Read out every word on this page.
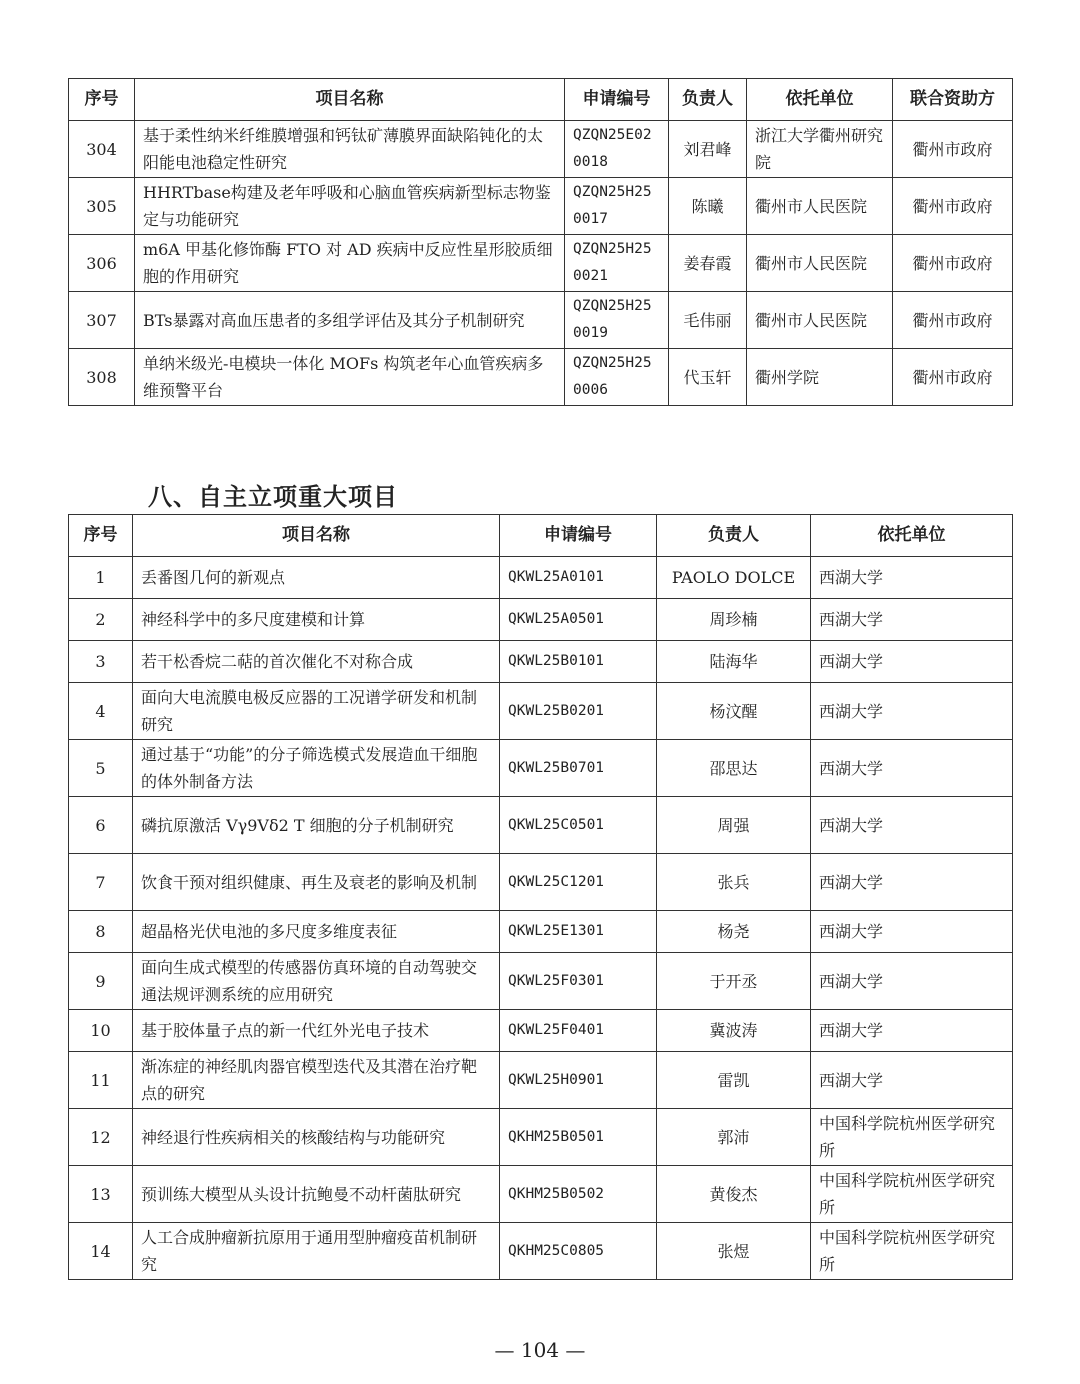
序号	项目名称	申请编号	负责人	依托单位	联合资助方
304	基于柔性纳米纤维膜增强和钙钛矿薄膜界面缺陷钝化的太阳能电池稳定性研究	QZQN25E020018	刘君峰	浙江大学衢州研究院	衢州市政府
305	HHRTbase构建及老年呼吸和心脑血管疾病新型标志物鉴定与功能研究	QZQN25H250017	陈曦	衢州市人民医院	衢州市政府
306	m6A 甲基化修饰酶 FTO 对 AD 疾病中反应性星形胶质细胞的作用研究	QZQN25H250021	姜春霞	衢州市人民医院	衢州市政府
307	BTs暴露对高血压患者的多组学评估及其分子机制研究	QZQN25H250019	毛伟丽	衢州市人民医院	衢州市政府
308	单纳米级光-电模块一体化 MOFs 构筑老年心血管疾病多维预警平台	QZQN25H250006	代玉轩	衢州学院	衢州市政府
八、自主立项重大项目
序号	项目名称	申请编号	负责人	依托单位
1	丢番图几何的新观点	QKWL25A0101	PAOLO DOLCE	西湖大学
2	神经科学中的多尺度建模和计算	QKWL25A0501	周珍楠	西湖大学
3	若干松香烷二萜的首次催化不对称合成	QKWL25B0101	陆海华	西湖大学
4	面向大电流膜电极反应器的工况谱学研发和机制研究	QKWL25B0201	杨汶醒	西湖大学
5	通过基于“功能”的分子筛选模式发展造血干细胞的体外制备方法	QKWL25B0701	邵思达	西湖大学
6	磷抗原激活 Vγ9Vδ2 T 细胞的分子机制研究	QKWL25C0501	周强	西湖大学
7	饮食干预对组织健康、再生及衰老的影响及机制	QKWL25C1201	张兵	西湖大学
8	超晶格光伏电池的多尺度多维度表征	QKWL25E1301	杨尧	西湖大学
9	面向生成式模型的传感器仿真环境的自动驾驶交通法规评测系统的应用研究	QKWL25F0301	于开丞	西湖大学
10	基于胶体量子点的新一代红外光电子技术	QKWL25F0401	冀波涛	西湖大学
11	渐冻症的神经肌肉器官模型迭代及其潜在治疗靶点的研究	QKWL25H0901	雷凯	西湖大学
12	神经退行性疾病相关的核酸结构与功能研究	QKHM25B0501	郭沛	中国科学院杭州医学研究所
13	预训练大模型从头设计抗鲍曼不动杆菌肽研究	QKHM25B0502	黄俊杰	中国科学院杭州医学研究所
14	人工合成肿瘤新抗原用于通用型肿瘤疫苗机制研究	QKHM25C0805	张煜	中国科学院杭州医学研究所
— 104 —
